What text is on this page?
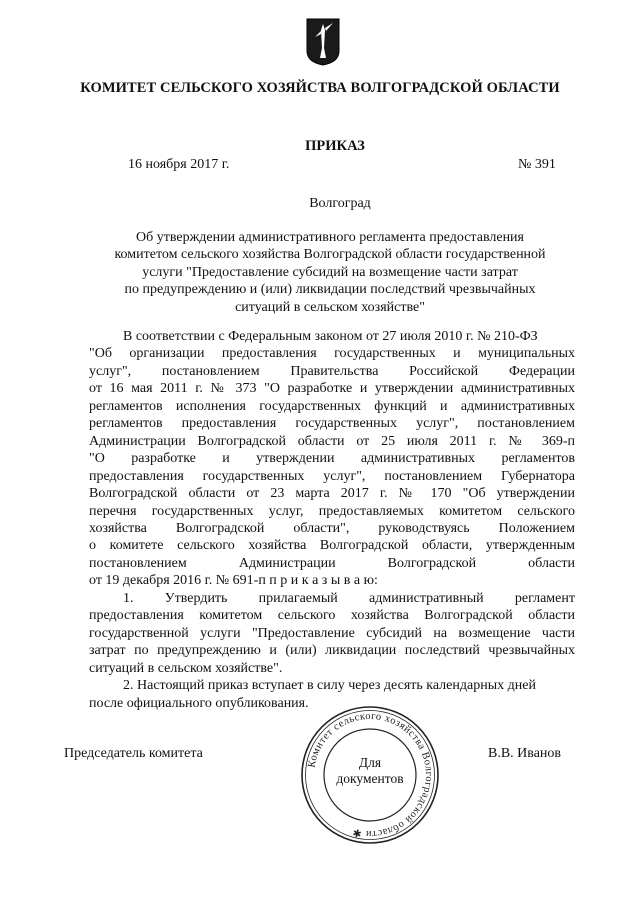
КОМИТЕТ СЕЛЬСКОГО ХОЗЯЙСТВА ВОЛГОГРАДСКОЙ ОБЛАСТИ
ПРИКАЗ
16 ноября 2017 г.	№ 391
Волгоград
Об утверждении административного регламента предоставления
комитетом сельского хозяйства Волгоградской области государственной
услуги "Предоставление субсидий на возмещение части затрат
по предупреждению и (или) ликвидации последствий чрезвычайных
ситуаций в сельском хозяйстве"
В соответствии с Федеральным законом от 27 июля 2010 г. № 210-ФЗ
"Об организации предоставления государственных и муниципальных
услуг", постановлением Правительства Российской Федерации
от 16 мая 2011 г. № 373 "О разработке и утверждении административных
регламентов исполнения государственных функций и административных
регламентов предоставления государственных услуг", постановлением
Администрации Волгоградской области от 25 июля 2011 г. № 369-п
"О разработке и утверждении административных регламентов
предоставления государственных услуг", постановлением Губернатора
Волгоградской области от 23 марта 2017 г. № 170 "Об утверждении
перечня государственных услуг, предоставляемых комитетом сельского
хозяйства Волгоградской области", руководствуясь Положением
о комитете сельского хозяйства Волгоградской области, утвержденным
постановлением Администрации Волгоградской области
от 19 декабря 2016 г. № 691-п п р и к а з ы в а ю:
1. Утвердить прилагаемый административный регламент
предоставления комитетом сельского хозяйства Волгоградской области
государственной услуги "Предоставление субсидий на возмещение части
затрат по предупреждению и (или) ликвидации последствий чрезвычайных
ситуаций в сельском хозяйстве".
2. Настоящий приказ вступает в силу через десять календарных дней
после официального опубликования.
Председатель комитета	В.В. Иванов
Комитет сельского хозяйства Волгоградской области ✱
Для
документов
